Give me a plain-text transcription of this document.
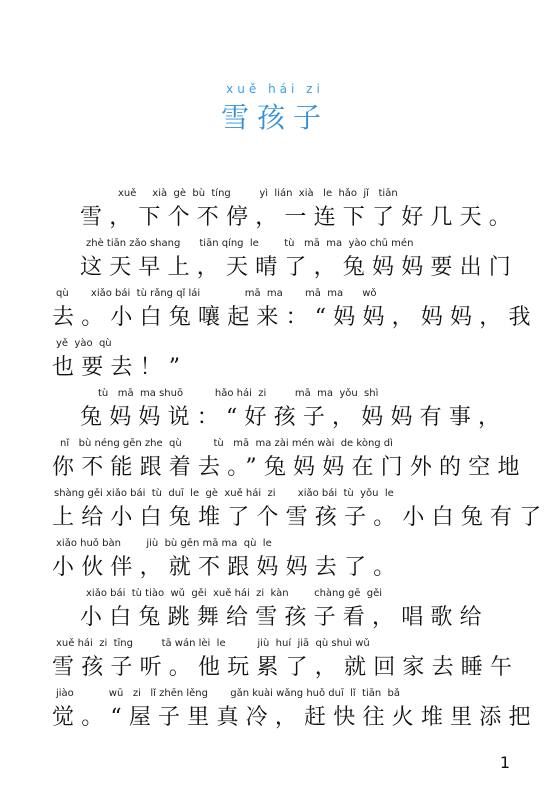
xuě hái zi
雪孩子
xuě     xià  gè  bù  tíng         yì  lián  xià   le  hǎo  jǐ   tiān
雪，下个不停，一连下了好几天。
zhè tiān zǎo shang      tiān qíng  le        tù   mā  ma  yào chū mén
这天早上，天晴了，兔妈妈要出门
qù       xiǎo bái  tù rǎng qǐ lái              mā  ma       mā  ma      wǒ
去。小白兔嚷起来：“妈妈，妈妈，我
yě  yào  qù
也要去！”
tù   mā  ma shuō          hǎo hái  zi         mā  ma  yǒu  shì
兔妈妈说：“好孩子，妈妈有事，
nǐ   bù néng gēn zhe  qù          tù   mā  ma zài mén wài  de kòng dì
你不能跟着去。”兔妈妈在门外的空地
shàng gěi xiǎo bái  tù  duī  le  gè  xuě hái  zi       xiǎo bái  tù  yǒu  le
上给小白兔堆了个雪孩子。小白兔有了
xiǎo huǒ bàn        jiù  bù gēn mā ma  qù  le
小伙伴，就不跟妈妈去了。
xiǎo bái  tù tiào  wǔ  gěi  xuě hái  zi  kàn        chàng gē  gěi
小白兔跳舞给雪孩子看，唱歌给
xuě hái  zi  tīng         tā wán lèi  le          jiù  huí  jiā  qù shuì wǔ
雪孩子听。他玩累了，就回家去睡午
jiào           wū   zi   lǐ zhēn lěng       gǎn kuài wǎng huǒ duī  lǐ  tiān  bǎ
觉。“屋子里真冷，赶快往火堆里添把
1
